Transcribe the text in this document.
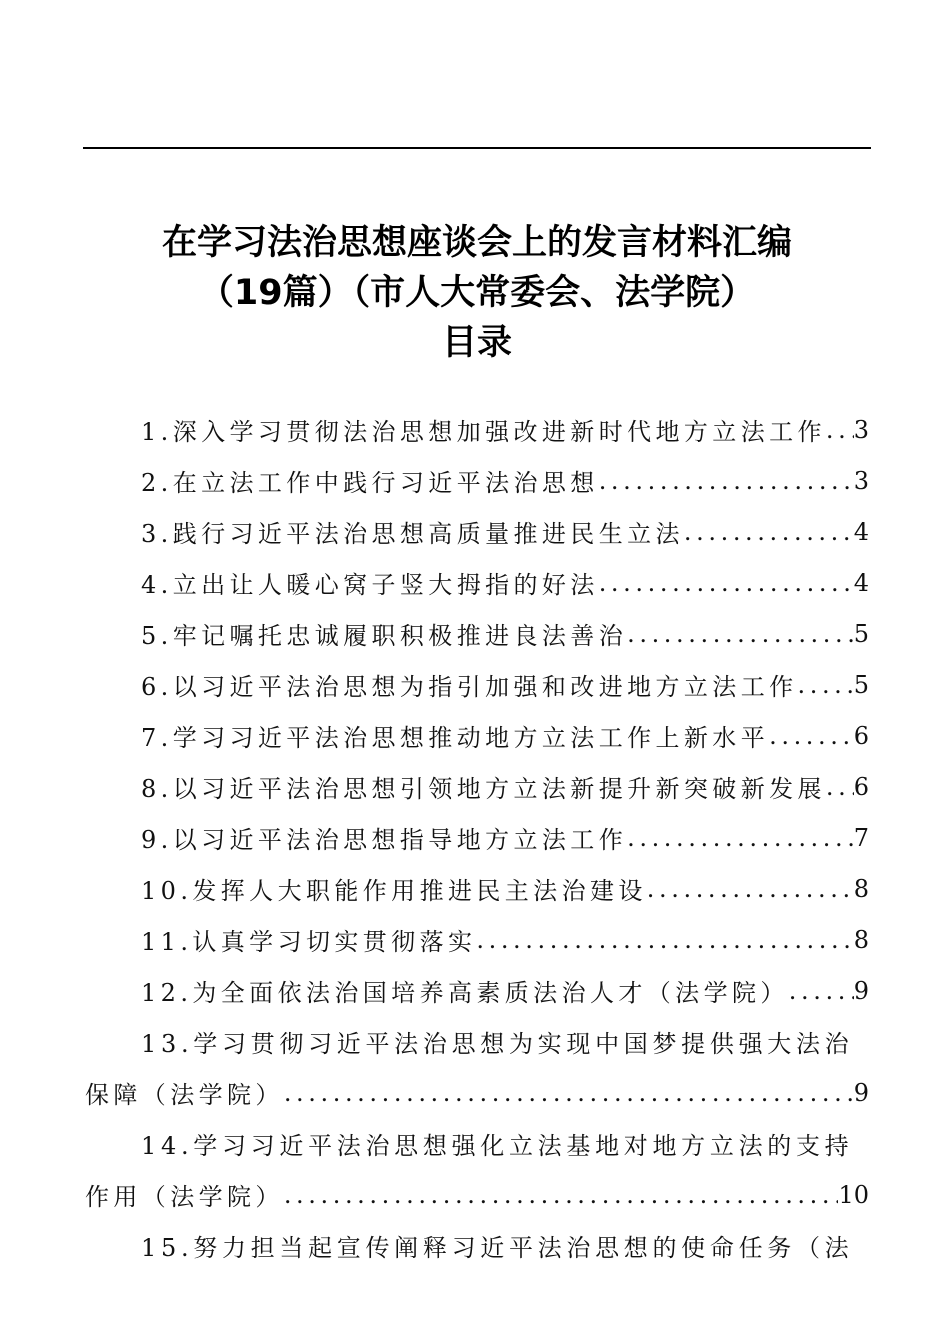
在学习法治思想座谈会上的发言材料汇编
（19篇）（市人大常委会、法学院）
目录
1.深入学习贯彻法治思想加强改进新时代地方立法工作 ..... 3
2.在立法工作中践行习近平法治思想 .....	3
3.践行习近平法治思想高质量推进民生立法 .....	4
4.立出让人暖心窝子竖大拇指的好法 .....	4
5.牢记嘱托忠诚履职积极推进良法善治 .....	5
6.以习近平法治思想为指引加强和改进地方立法工作 ..... 5
7.学习习近平法治思想推动地方立法工作上新水平 .....	6
8.以习近平法治思想引领地方立法新提升新突破新发展 ..... 6
9.以习近平法治思想指导地方立法工作 .....	7
10.发挥人大职能作用推进民主法治建设 .....	8
11.认真学习切实贯彻落实 .....	8
12.为全面依法治国培养高素质法治人才（法学院） .....	9
13.学习贯彻习近平法治思想为实现中国梦提供强大法治
保障（法学院） .....	9
14.学习习近平法治思想强化立法基地对地方立法的支持
作用（法学院） .....	10
15.努力担当起宣传阐释习近平法治思想的使命任务（法
